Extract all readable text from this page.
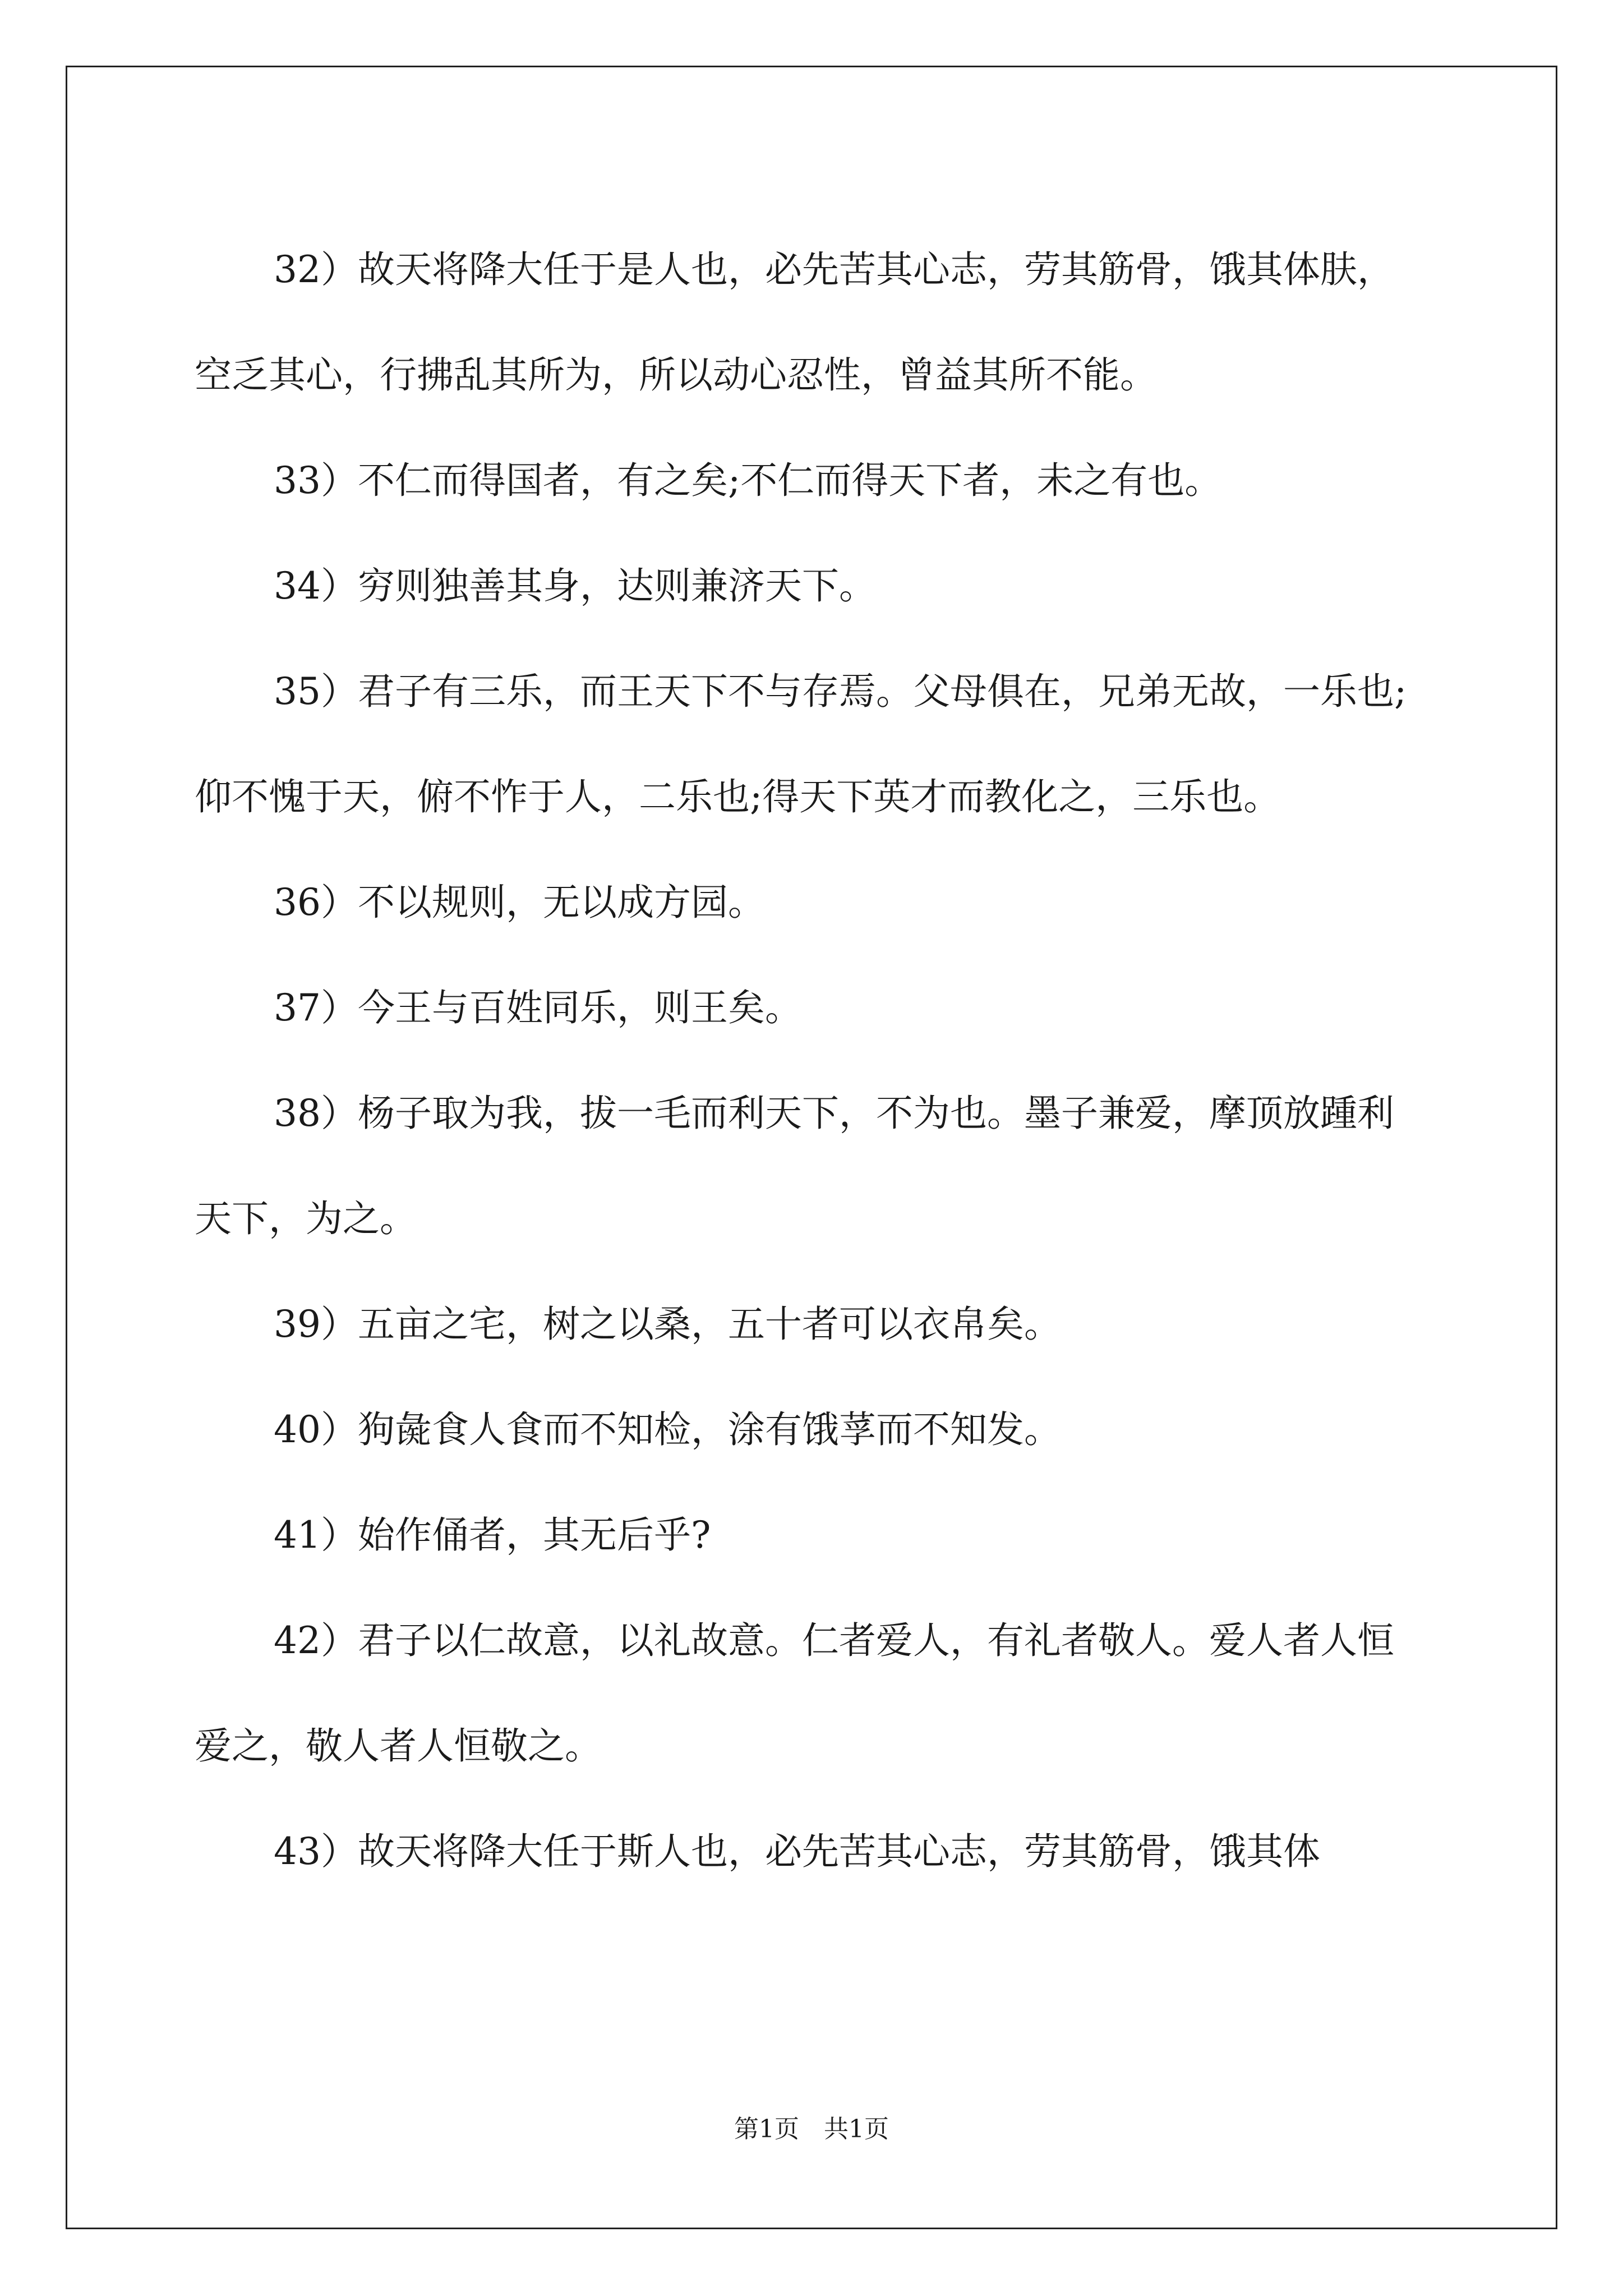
32）故天将降大任于是人也，必先苦其心志，劳其筋骨，饿其体肤，空乏其心，行拂乱其所为，所以动心忍性，曾益其所不能。

33）不仁而得国者，有之矣;不仁而得天下者，未之有也。

34）穷则独善其身，达则兼济天下。

35）君子有三乐，而王天下不与存焉。父母俱在，兄弟无故，一乐也;仰不愧于天，俯不怍于人，二乐也;得天下英才而教化之，三乐也。

36）不以规则，无以成方园。

37）今王与百姓同乐，则王矣。

38）杨子取为我，拔一毛而利天下，不为也。墨子兼爱，摩顶放踵利天下，为之。

39）五亩之宅，树之以桑，五十者可以衣帛矣。

40）狗彘食人食而不知检，涂有饿莩而不知发。

41）始作俑者，其无后乎?

42）君子以仁故意，以礼故意。仁者爱人，有礼者敬人。爱人者人恒爱之，敬人者人恒敬之。

43）故天将降大任于斯人也，必先苦其心志，劳其筋骨，饿其体

第1页 共1页
